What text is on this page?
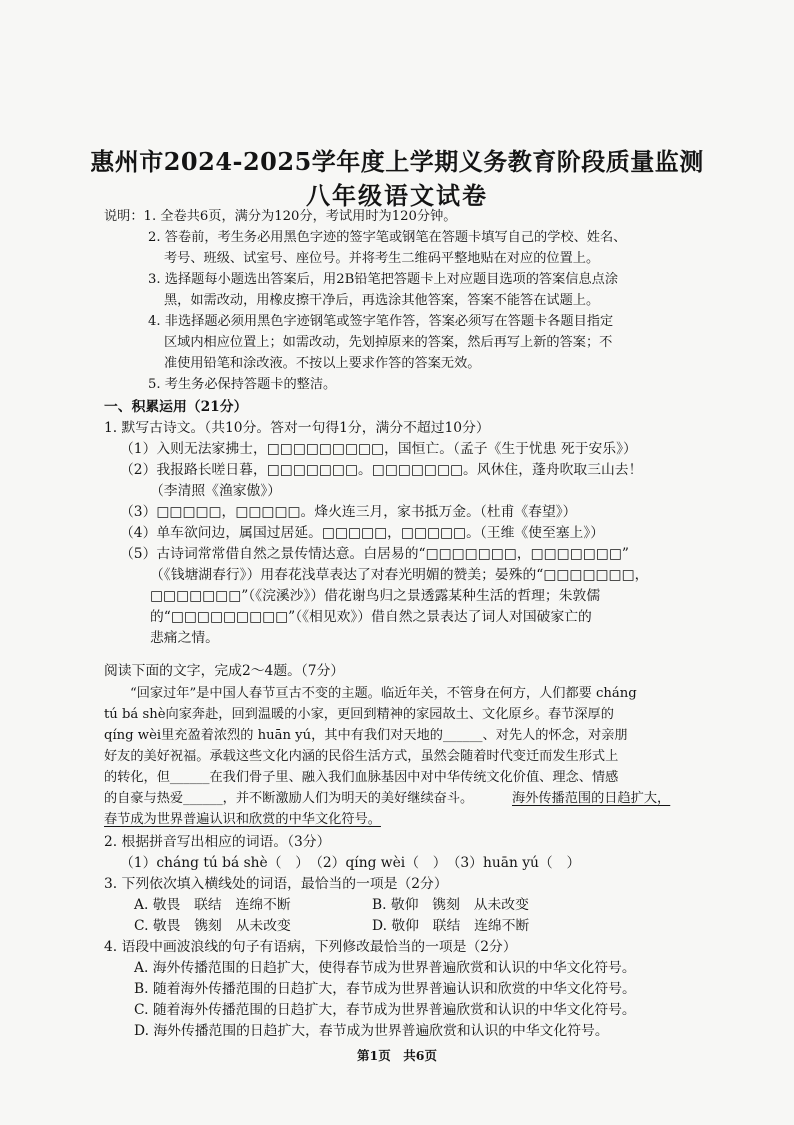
惠州市2024-2025学年度上学期义务教育阶段质量监测
八年级语文试卷
说明：1. 全卷共6页，满分为120分，考试用时为120分钟。
2. 答卷前，考生务必用黑色字迹的签字笔或钢笔在答题卡填写自己的学校、姓名、
考号、班级、试室号、座位号。并将考生二维码平整地贴在对应的位置上。
3. 选择题每小题选出答案后，用2B铅笔把答题卡上对应题目选项的答案信息点涂
黑，如需改动，用橡皮擦干净后，再选涂其他答案，答案不能答在试题上。
4. 非选择题必须用黑色字迹钢笔或签字笔作答，答案必须写在答题卡各题目指定
区域内相应位置上；如需改动，先划掉原来的答案，然后再写上新的答案；不
准使用铅笔和涂改液。不按以上要求作答的答案无效。
5. 考生务必保持答题卡的整洁。
一、积累运用（21分）
1. 默写古诗文。（共10分。答对一句得1分，满分不超过10分）
（1）入则无法家拂士，□□□□□□□□□，国恒亡。（孟子《生于忧患 死于安乐》）
（2）我报路长嗟日暮，□□□□□□□。□□□□□□□。风休住，蓬舟吹取三山去！
（李清照《渔家傲》）
（3）□□□□□，□□□□□。烽火连三月，家书抵万金。（杜甫《春望》）
（4）单车欲问边，属国过居延。□□□□□，□□□□□。（王维《使至塞上》）
（5）古诗词常常借自然之景传情达意。白居易的“□□□□□□□，□□□□□□□”
（《钱塘湖春行》）用春花浅草表达了对春光明媚的赞美；晏殊的“□□□□□□□，
□□□□□□□”（《浣溪沙》）借花谢鸟归之景透露某种生活的哲理；朱敦儒
的“□□□□□□□□□”（《相见欢》）借自然之景表达了词人对国破家亡的
悲痛之情。
阅读下面的文字，完成2～4题。（7分）
“回家过年”是中国人春节亘古不变的主题。临近年关，不管身在何方，人们都要 cháng
tú bá shè向家奔赴，回到温暖的小家，更回到精神的家园故土、文化原乡。春节深厚的
qíng wèi里充盈着浓烈的 huān yú，其中有我们对天地的______、对先人的怀念，对亲朋
好友的美好祝福。承载这些文化内涵的民俗生活方式，虽然会随着时代变迁而发生形式上
的转化，但______在我们骨子里、融入我们血脉基因中对中华传统文化价值、理念、情感
的自豪与热爱______，并不断激励人们为明天的美好继续奋斗。	海外传播范围的日趋扩大，
春节成为世界普遍认识和欣赏的中华文化符号。
2. 根据拼音写出相应的词语。（3分）
（1）cháng tú bá shè（　）　（2）qíng wèi（　）　（3）huān yú（　）
3. 下列依次填入横线处的词语，最恰当的一项是（2分）
A. 敬畏　联结　连绵不断	B. 敬仰　镌刻　从未改变
C. 敬畏　镌刻　从未改变	D. 敬仰　联结　连绵不断
4. 语段中画波浪线的句子有语病，下列修改最恰当的一项是（2分）
A. 海外传播范围的日趋扩大，使得春节成为世界普遍欣赏和认识的中华文化符号。
B. 随着海外传播范围的日趋扩大，春节成为世界普遍认识和欣赏的中华文化符号。
C. 随着海外传播范围的日趋扩大，春节成为世界普遍欣赏和认识的中华文化符号。
D. 海外传播范围的日趋扩大，春节成为世界普遍欣赏和认识的中华文化符号。
第1页　共6页
